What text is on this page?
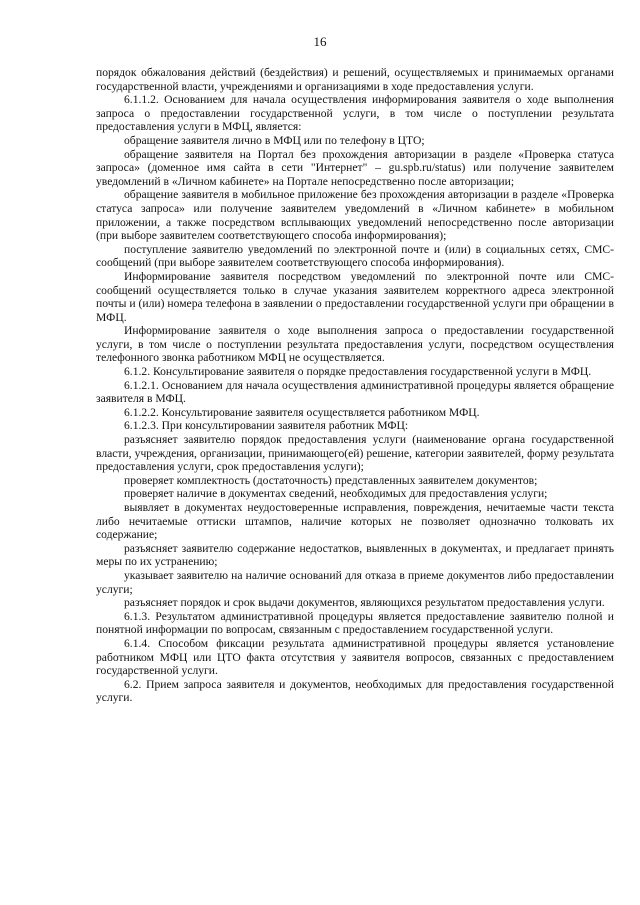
16

порядок обжалования действий (бездействия) и решений, осуществляемых и принимаемых органами государственной власти, учреждениями и организациями в ходе предоставления услуги.

6.1.1.2. Основанием для начала осуществления информирования заявителя о ходе выполнения запроса о предоставлении государственной услуги, в том числе о поступлении результата предоставления услуги в МФЦ, является:

обращение заявителя лично в МФЦ или по телефону в ЦТО;

обращение заявителя на Портал без прохождения авторизации в разделе «Проверка статуса запроса» (доменное имя сайта в сети "Интернет" – gu.spb.ru/status) или получение заявителем уведомлений в «Личном кабинете» на Портале непосредственно после авторизации;

обращение заявителя в мобильное приложение без прохождения авторизации в разделе «Проверка статуса запроса» или получение заявителем уведомлений в «Личном кабинете» в мобильном приложении, а также посредством всплывающих уведомлений непосредственно после авторизации (при выборе заявителем соответствующего способа информирования);

поступление заявителю уведомлений по электронной почте и (или) в социальных сетях, СМС-сообщений (при выборе заявителем соответствующего способа информирования).

Информирование заявителя посредством уведомлений по электронной почте или СМС-сообщений осуществляется только в случае указания заявителем корректного адреса электронной почты и (или) номера телефона в заявлении о предоставлении государственной услуги при обращении в МФЦ.

Информирование заявителя о ходе выполнения запроса о предоставлении государственной услуги, в том числе о поступлении результата предоставления услуги, посредством осуществления телефонного звонка работником МФЦ не осуществляется.

6.1.2. Консультирование заявителя о порядке предоставления государственной услуги в МФЦ.

6.1.2.1. Основанием для начала осуществления административной процедуры является обращение заявителя в МФЦ.

6.1.2.2. Консультирование заявителя осуществляется работником МФЦ.

6.1.2.3. При консультировании заявителя работник МФЦ:

разъясняет заявителю порядок предоставления услуги (наименование органа государственной власти, учреждения, организации, принимающего(ей) решение, категории заявителей, форму результата предоставления услуги, срок предоставления услуги);

проверяет комплектность (достаточность) представленных заявителем документов;

проверяет наличие в документах сведений, необходимых для предоставления услуги;

выявляет в документах неудостоверенные исправления, повреждения, нечитаемые части текста либо нечитаемые оттиски штампов, наличие которых не позволяет однозначно толковать их содержание;

разъясняет заявителю содержание недостатков, выявленных в документах, и предлагает принять меры по их устранению;

указывает заявителю на наличие оснований для отказа в приеме документов либо предоставлении услуги;

разъясняет порядок и срок выдачи документов, являющихся результатом предоставления услуги.

6.1.3. Результатом административной процедуры является предоставление заявителю полной и понятной информации по вопросам, связанным с предоставлением государственной услуги.

6.1.4. Способом фиксации результата административной процедуры является установление работником МФЦ или ЦТО факта отсутствия у заявителя вопросов, связанных с предоставлением государственной услуги.

6.2. Прием запроса заявителя и документов, необходимых для предоставления государственной услуги.
